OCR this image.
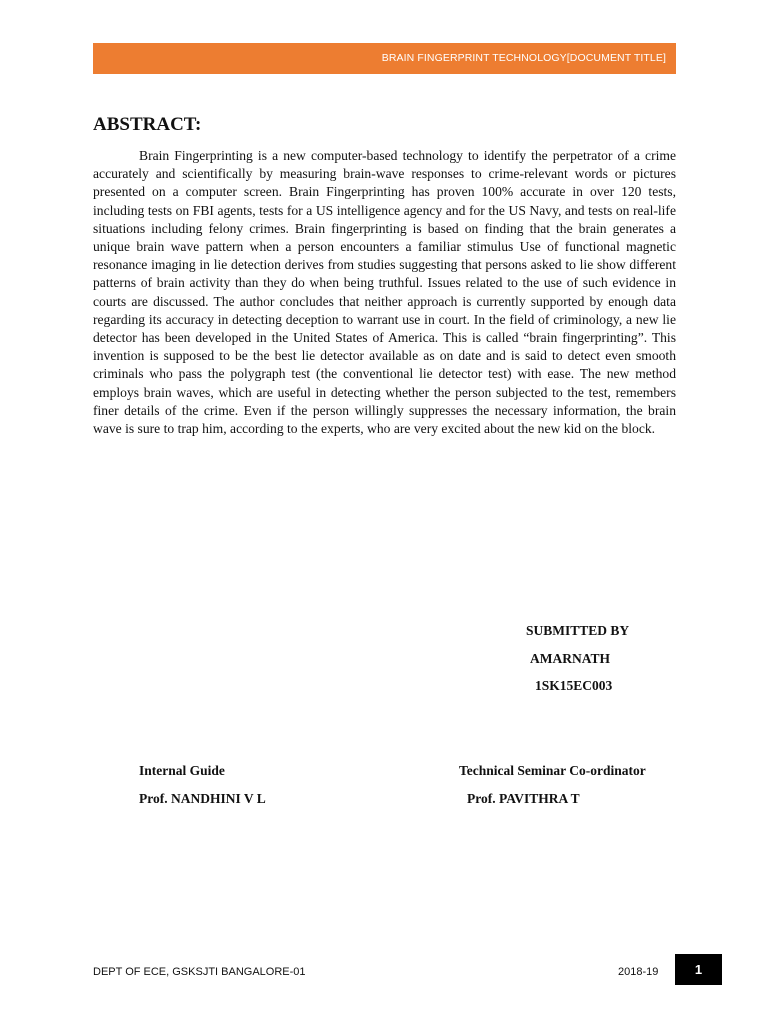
BRAIN FINGERPRINT TECHNOLOGY[DOCUMENT TITLE]
ABSTRACT:

Brain Fingerprinting is a new computer-based technology to identify the perpetrator of a crime accurately and scientifically by measuring brain-wave responses to crime-relevant words or pictures presented on a computer screen. Brain Fingerprinting has proven 100% accurate in over 120 tests, including tests on FBI agents, tests for a US intelligence agency and for the US Navy, and tests on real-life situations including felony crimes. Brain fingerprinting is based on finding that the brain generates a unique brain wave pattern when a person encounters a familiar stimulus Use of functional magnetic resonance imaging in lie detection derives from studies suggesting that persons asked to lie show different patterns of brain activity than they do when being truthful. Issues related to the use of such evidence in courts are discussed. The author concludes that neither approach is currently supported by enough data regarding its accuracy in detecting deception to warrant use in court. In the field of criminology, a new lie detector has been developed in the United States of America. This is called “brain fingerprinting”. This invention is supposed to be the best lie detector available as on date and is said to detect even smooth criminals who pass the polygraph test (the conventional lie detector test) with ease. The new method employs brain waves, which are useful in detecting whether the person subjected to the test, remembers finer details of the crime. Even if the person willingly suppresses the necessary information, the brain wave is sure to trap him, according to the experts, who are very excited about the new kid on the block.

SUBMITTED BY
AMARNATH
1SK15EC003
Internal Guide	Technical Seminar Co-ordinator
Prof. NANDHINI V L	Prof. PAVITHRA T
DEPT OF ECE, GSKSJTI BANGALORE-01	2018-19	1
